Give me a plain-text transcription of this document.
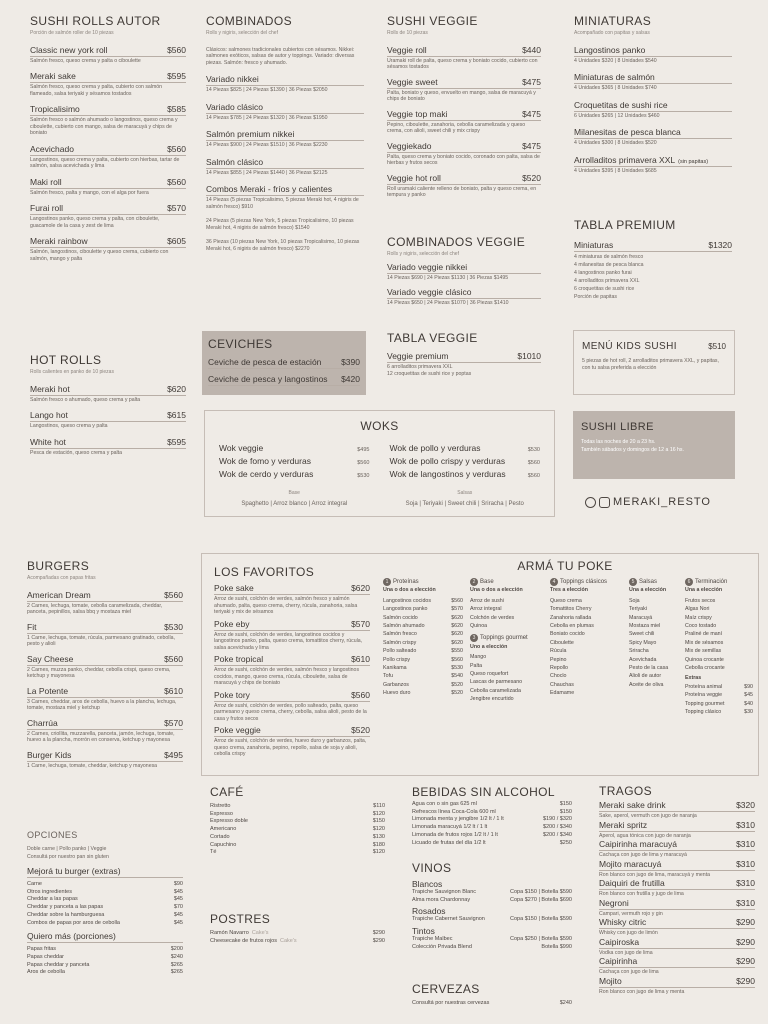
SUSHI ROLLS AUTOR
Porción de salmón roller de 10 piezas
Classic new york roll	$560
Salmón fresco, queso crema y palta o ciboulette
Meraki sake	$595
Salmón fresco, queso crema y palta, cubierto con salmón flameado, salsa teriyaki y sésamos tostados
Tropicalisimo	$585
Salmón fresco o salmón ahumado o langostinos, queso crema y ciboulette, cubierto con mango, salsa de maracuyá y chips de boniato
Acevichado	$560
Langostinos, queso crema y palta, cubierto con hierbas, tartar de salmón, salsa acevichada y lima
Maki roll	$560
Salmón fresco, palta y mango, con el alga por fuera
Furai roll	$570
Langostinos panko, queso crema y palta, con ciboulette, guacamole de la casa y zest de lima
Meraki rainbow	$605
Salmón, langostinos, ciboulette y queso crema, cubierto con salmón, mango y palta
HOT ROLLS
Rolls calientes en panko de 10 piezas
Meraki hot	$620
Salmón fresco o ahumado, queso crema y palta
Lango hot	$615
Langostinos, queso crema y palta
White hot	$595
Pesca de estación, queso crema y palta
COMBINADOS
Rolls y nigiris, selección del chef
Clásicos: salmones tradicionales cubiertos con sésamos. Nikkei: salmones exóticos, salsas de autor y toppings. Variado: diversas piezas. Salmón: fresco y ahumado.
Variado nikkei
14 Piezas $825 | 24 Piezas $1390 | 36 Piezas $2050
Variado clásico
14 Piezas $785 | 24 Piezas $1320 | 36 Piezas $1950
Salmón premium nikkei
14 Piezas $900 | 24 Piezas $1510 | 36 Piezas $2230
Salmón clásico
14 Piezas $855 | 24 Piezas $1440 | 36 Piezas $2125
Combos Meraki - fríos y calientes
14 Piezas (5 piezas Tropicalisimo, 5 piezas Meraki hot, 4 nigiris de salmón fresco) $910
24 Piezas (5 piezas New York, 5 piezas Tropicalisimo, 10 piezas Meraki hot, 4 nigiris de salmón fresco) $1540
36 Piezas (10 piezas New York, 10 piezas Tropicalisimo, 10 piezas Meraki hot, 6 nigiris de salmón fresco) $2270
CEVICHES
Ceviche de pesca de estación $390
Ceviche de pesca y langostinos $420
SUSHI VEGGIE
Rolls de 10 piezas
Veggie roll	$440
Uramaki roll de palta, queso crema y boniato cocido, cubierto con sésamos tostados
Veggie sweet	$475
Palta, boniato y queso, envuelto en mango, salsa de maracuyá y chips de boniato
Veggie top maki	$475
Pepino, ciboulette, zanahoria, cebolla caramelizada y queso crema, con alioli, sweet chili y mix crispy
Veggiekado	$475
Palta, queso crema y boniato cocido, coronado con palta, salsa de hierbas y frutos secos
Veggie hot roll	$520
Roll uramaki caliente relleno de boniato, palta y queso crema, en tempura y panko
COMBINADOS VEGGIE
Rolls y nigiris, selección del chef
Variado veggie nikkei
14 Piezas $690 | 24 Piezas $1130 | 36 Piezas $1495
Variado veggie clásico
14 Piezas $650 | 24 Piezas $1070 | 36 Piezas $1410
TABLA VEGGIE
Veggie premium	$1010
6 arrolladitos primavera XXL
12 croquetitas de sushi rice y poptas
MINIATURAS
Acompañado con papitas y salsas
Langostinos panko
4 Unidades $320 | 8 Unidades $540
Miniaturas de salmón
4 Unidades $365 | 8 Unidades $740
Croquetitas de sushi rice
6 Unidades $265 | 12 Unidades $460
Milanesitas de pesca blanca
4 Unidades $300 | 8 Unidades $520
Arrolladitos primavera XXL (sin papitas)
4 Unidades $395 | 8 Unidades $685
TABLA PREMIUM
Miniaturas	$1320
4 miniaturas de salmón fresco
4 milanesitas de pesca blanca
4 langostinos panko furai
4 arrolladitos primavera XXL
6 croquetitas de sushi rice
Porción de papitas
MENÚ KIDS SUSHI	$510
5 piezas de hot roll, 2 arrolladitos primavera XXL, y papitas, con tu salsa preferida a elección
SUSHI LIBRE
Todas las noches de 20 a 23 hs.
También sábados y domingos de 12 a 16 hs.
MERAKI_RESTO
WOKS
Wok veggie	$495
Wok de fomo y verduras	$560
Wok de cerdo y verduras	$530
Wok de pollo y verduras	$530
Wok de pollo crispy y verduras	$560
Wok de langostinos y verduras	$560
Base
Spaghetto | Arroz blanco | Arroz integral
Salsas
Soja | Teriyaki | Sweet chili | Sriracha | Pesto
BURGERS
Acompañadas con papas fritas
American Dream	$560
2 Carnes, lechuga, tomate, cebolla caramelizada, cheddar, panceta, pepinillos, salsa bbq y mostaza miel
Fit	$530
1 Carne, lechuga, tomate, rúcula, parmesano gratinado, cebolla, pesto y alioli
Say Cheese	$560
2 Carnes, muzza panko, cheddar, cebolla crispi, queso crema, ketchup y mayonesa
La Potente	$610
3 Carnes, cheddar, aros de cebolla, huevo a la plancha, lechuga, tomate, mostaza miel y ketchup
Charrúa	$570
2 Carnes, criollita, muzzarella, panceta, jamón, lechuga, tomate, huevo a la plancha, morrón en conserva, ketchup y mayonesa
Burger Kids	$495
1 Carne, lechuga, tomate, cheddar, ketchup y mayonesa
OPCIONES
Doble carne | Pollo panko | Veggie
Consultá por nuestro pan sin gluten
Mejorá tu burger (extras)
Carne	$90
Otros ingredientes	$45
Cheddar a las papas	$45
Cheddar y panceta a las papas	$70
Cheddar sobre la hamburguesa	$45
Combos de papas por aros de cebolla	$45
Quiero más (porciones)
Papas fritas	$200
Papas cheddar	$240
Papas cheddar y panceta	$265
Aros de cebolla	$265
LOS FAVORITOS
Poke sake	$620
Arroz de sushi, colchón de verdes, salmón fresco y salmón ahumado, palta, queso crema, cherry, rúcula, zanahoria, salsa teriyaki y mix de sésamos
Poke eby	$570
Arroz de sushi, colchón de verdes, langostinos cocidos y langostinos panko, palta, queso crema, tomattitos cherry, rúcula, salsa acevichada y lima
Poke tropical	$610
Arroz de sushi, colchón de verdes, salmón fresco y langostinos cocidos, mango, queso crema, rúcula, ciboulette, salsa de maracuyá y chips de boniato
Poke tory	$560
Arroz de sushi, colchón de verdes, pollo salteado, palta, queso parmesano y queso crema, cherry, cebolla, salsa alioli, pesto de la casa y frutos secos
Poke veggie	$520
Arroz de sushi, colchón de verdes, huevo duro y garbanzos, palta, queso crema, zanahoria, pepino, repollo, salsa de soja y alioli, cebolla crispy
ARMÁ TU POKE
1 Proteínas
Una o dos a elección
Langostinos cocidos	$560
Langostinos panko	$570
Salmón cocido	$620
Salmón ahumado	$620
Salmón fresco	$620
Salmón crispy	$620
Pollo salteado	$550
Pollo crispy	$560
Kanikama	$530
Tofu	$540
Garbanzos	$520
Huevo duro	$520
2 Base
Una o dos a elección
Arroz de sushi
Arroz integral
Colchón de verdes
Quinoa
3 Toppings gourmet
Uno a elección
Mango
Palta
Queso roquefort
Lascas de parmesano
Cebolla caramelizada
Jengibre encurtido
4 Toppings clásicos
Tres a elección
Queso crema
Tomattitos Cherry
Zanahoria rallada
Cebolla en plumas
Boniato cocido
Ciboulette
Rúcula
Pepino
Repollo
Choclo
Chauchas
Edamame
5 Salsas
Una a elección
Soja
Teriyaki
Maracuyá
Mostaza miel
Sweet chili
Spicy Mayo
Sriracha
Acevichada
Pesto de la casa
Alioli de autor
Aceite de oliva
6 Terminación
Una a elección
Frutos secos
Algas Nori
Maíz crispy
Coco tostado
Praliné de maní
Mix de sésamos
Mix de semillas
Quinoa crocante
Cebolla crocante
Extras
Proteína animal	$90
Proteína veggie	$45
Topping gourmet	$40
Topping clásico	$30
CAFÉ
Ristretto	$110
Expresso	$120
Expresso doble	$150
Americano	$120
Cortado	$130
Capuchino	$180
Té	$120
POSTRES
Ramón Navarro Cake's	$290
Cheesecake de frutos rojos Cake's	$290
BEBIDAS SIN ALCOHOL
Agua con o sin gas 625 ml	$150
Refrescos línea Coca-Cola 600 ml	$150
Limonada menta y jengibre 1/2 lt / 1 lt	$190 / $320
Limonada maracuyá 1/2 lt / 1 lt	$200 / $340
Limonada de frutos rojos 1/2 lt / 1 lt	$200 / $340
Licuado de frutas del día 1/2 lt	$250
VINOS
Blancos
Trapiche Sauvignon Blanc	Copa $150 | Botella $590
Alma mora Chardonnay	Copa $270 | Botella $690
Rosados
Trapiche Cabernet Sauvignon	Copa $150 | Botella $590
Tintos
Trapiche Malbec	Copa $250 | Botella $590
Colección Privada Blend	Botella $990
CERVEZAS
Consultá por nuestras cervezas	$240
TRAGOS
Meraki sake drink	$320
Sake, aperol, vermuth con jugo de naranja
Meraki spritz	$310
Aperol, agua tónica con jugo de naranja
Caipirinha maracuyá	$310
Cachaça con jugo de lima y maracuyá
Mojito maracuyá	$310
Ron blanco con jugo de lima, maracuyá y menta
Daiquiri de frutilla	$310
Ron blanco con frutilla y jugo de lima
Negroni	$310
Campari, vermuth rojo y gin
Whisky citric	$290
Whisky con jugo de limón
Caipiroska	$290
Vodka con jugo de lima
Caipirinha	$290
Cachaça con jugo de lima
Mojito	$290
Ron blanco con jugo de lima y menta
